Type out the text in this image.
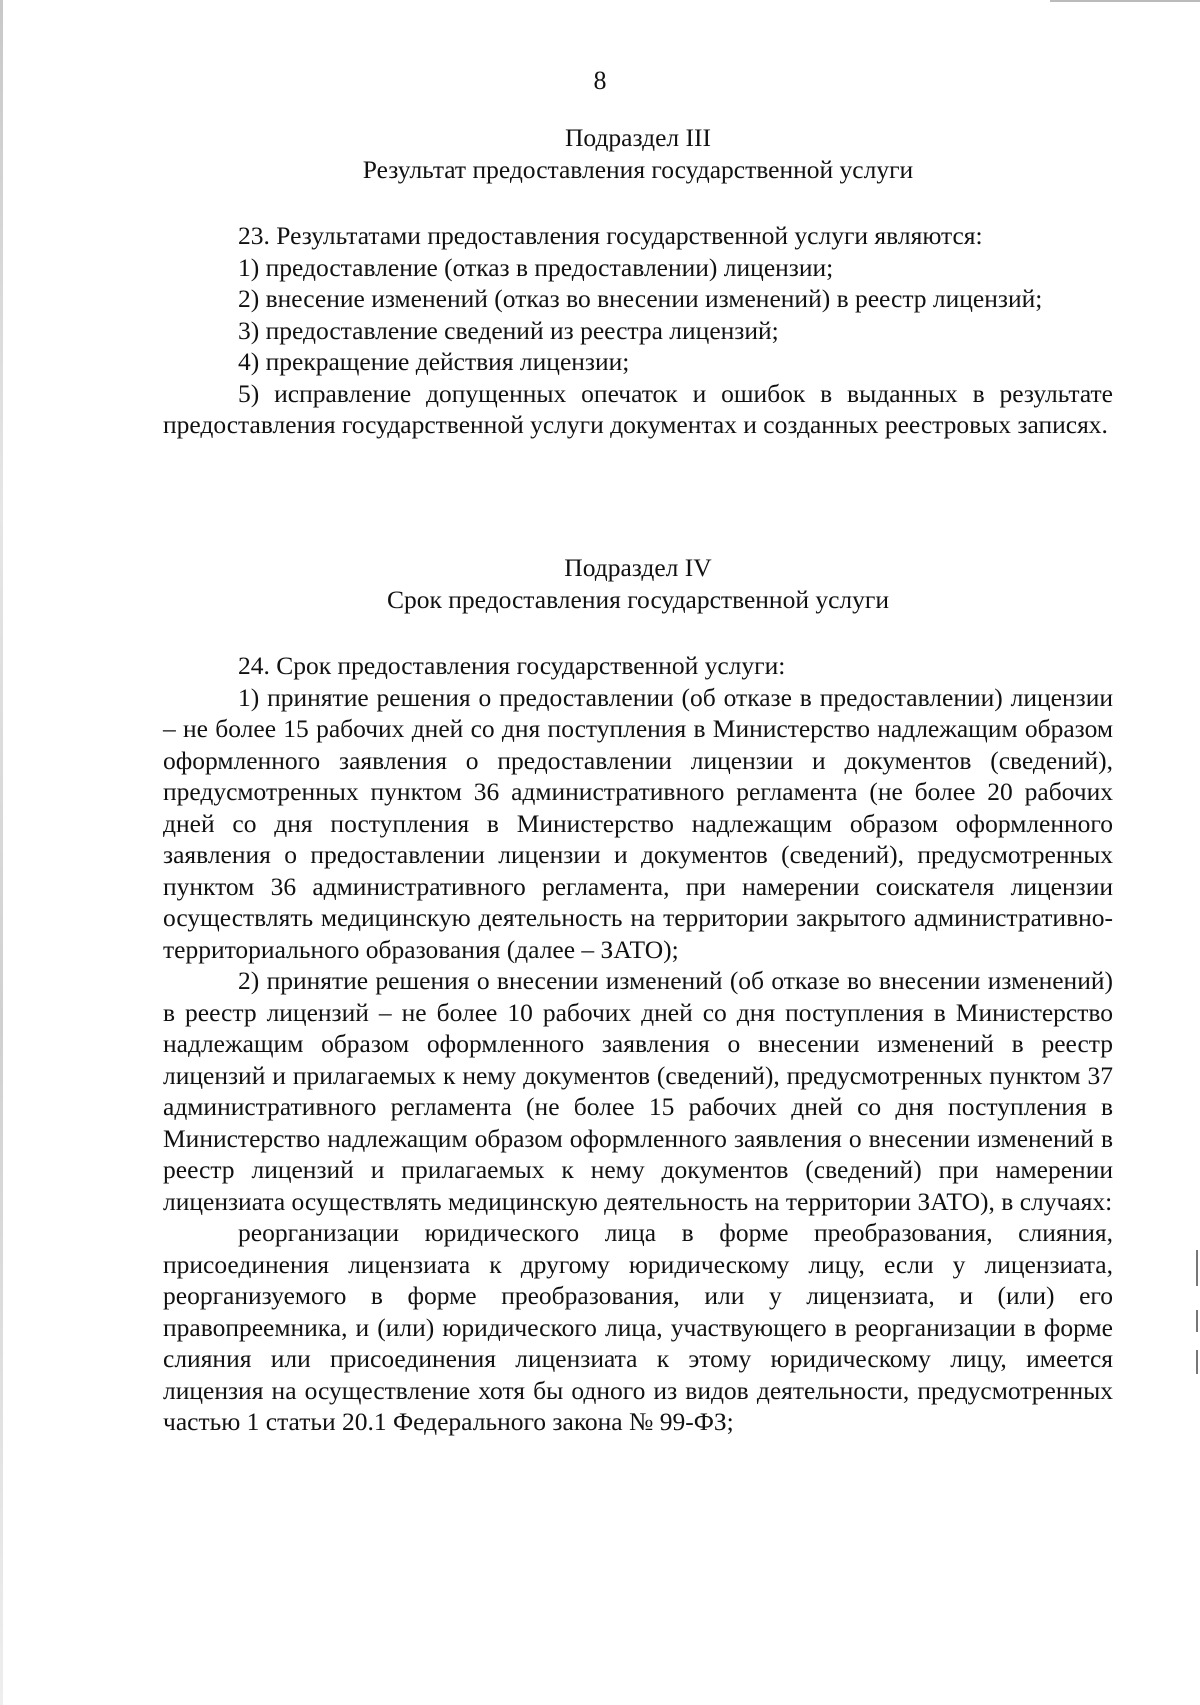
8

Подраздел III
Результат предоставления государственной услуги

23. Результатами предоставления государственной услуги являются:

1) предоставление (отказ в предоставлении) лицензии;

2) внесение изменений (отказ во внесении изменений) в реестр лицензий;

3) предоставление сведений из реестра лицензий;

4) прекращение действия лицензии;

5) исправление допущенных опечаток и ошибок в выданных в результате предоставления государственной услуги документах и созданных реестровых записях.

Подраздел IV
Срок предоставления государственной услуги

24. Срок предоставления государственной услуги:

1) принятие решения о предоставлении (об отказе в предоставлении) лицензии – не более 15 рабочих дней со дня поступления в Министерство надлежащим образом оформленного заявления о предоставлении лицензии и документов (сведений), предусмотренных пунктом 36 административного регламента (не более 20 рабочих дней со дня поступления в Министерство надлежащим образом оформленного заявления о предоставлении лицензии и документов (сведений), предусмотренных пунктом 36 административного регламента, при намерении соискателя лицензии осуществлять медицинскую деятельность на территории закрытого административно-территориального образования (далее – ЗАТО);

2) принятие решения о внесении изменений (об отказе во внесении изменений) в реестр лицензий – не более 10 рабочих дней со дня поступления в Министерство надлежащим образом оформленного заявления о внесении изменений в реестр лицензий и прилагаемых к нему документов (сведений), предусмотренных пунктом 37 административного регламента (не более 15 рабочих дней со дня поступления в Министерство надлежащим образом оформленного заявления о внесении изменений в реестр лицензий и прилагаемых к нему документов (сведений) при намерении лицензиата осуществлять медицинскую деятельность на территории ЗАТО), в случаях:

реорганизации юридического лица в форме преобразования, слияния, присоединения лицензиата к другому юридическому лицу, если у лицензиата, реорганизуемого в форме преобразования, или у лицензиата, и (или) его правопреемника, и (или) юридического лица, участвующего в реорганизации в форме слияния или присоединения лицензиата к этому юридическому лицу, имеется лицензия на осуществление хотя бы одного из видов деятельности, предусмотренных частью 1 статьи 20.1 Федерального закона № 99-ФЗ;
